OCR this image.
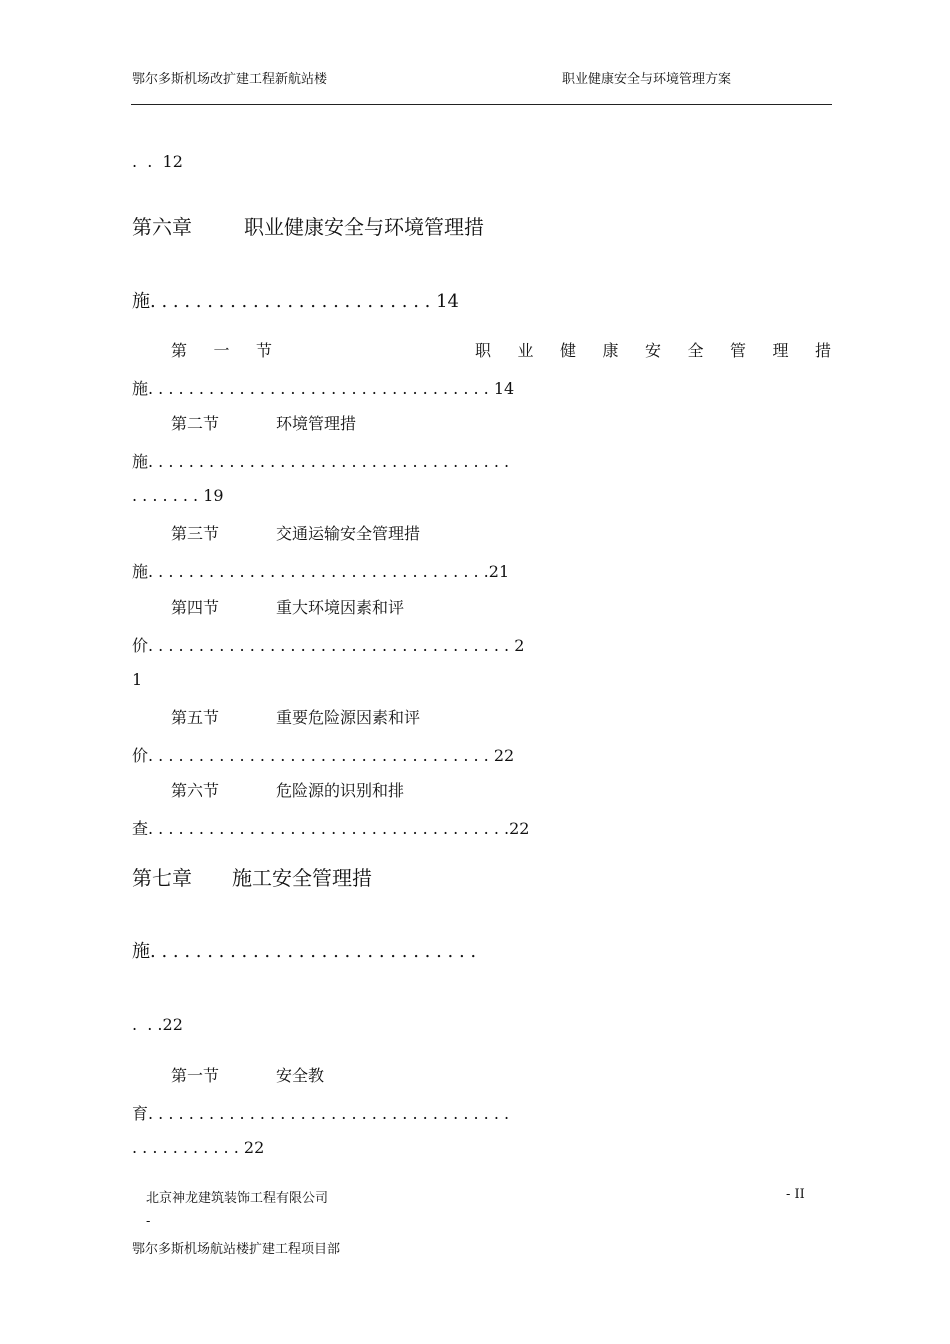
鄂尔多斯机场改扩建工程新航站楼	职业健康安全与环境管理方案
.  .  12
第六章	职业健康安全与环境管理措
施. . . . . . . . . . . . . . . . . . . . . . . . . 14
第 一 节	职 业 健 康 安 全 管 理 措
施. . . . . . . . . . . . . . . . . . . . . . . . . . . . . . . . . . 14
第二节	环境管理措
施. . . . . . . . . . . . . . . . . . . . . . . . . . . . . . . . . . . .
. . . . . . . 19
第三节	交通运输安全管理措
施. . . . . . . . . . . . . . . . . . . . . . . . . . . . . . . . . .21
第四节	重大环境因素和评
价. . . . . . . . . . . . . . . . . . . . . . . . . . . . . . . . . . . . 2
1
第五节	重要危险源因素和评
价. . . . . . . . . . . . . . . . . . . . . . . . . . . . . . . . . . 22
第六节	危险源的识别和排
查. . . . . . . . . . . . . . . . . . . . . . . . . . . . . . . . . . . .22
第七章 施工安全管理措
施. . . . . . . . . . . . . . . . . . . . . . . . . . . . .
.  . .22
第一节	安全教
育. . . . . . . . . . . . . . . . . . . . . . . . . . . . . . . . . . . .
. . . . . . . . . . . 22
北京神龙建筑装饰工程有限公司	- II
-
鄂尔多斯机场航站楼扩建工程项目部
